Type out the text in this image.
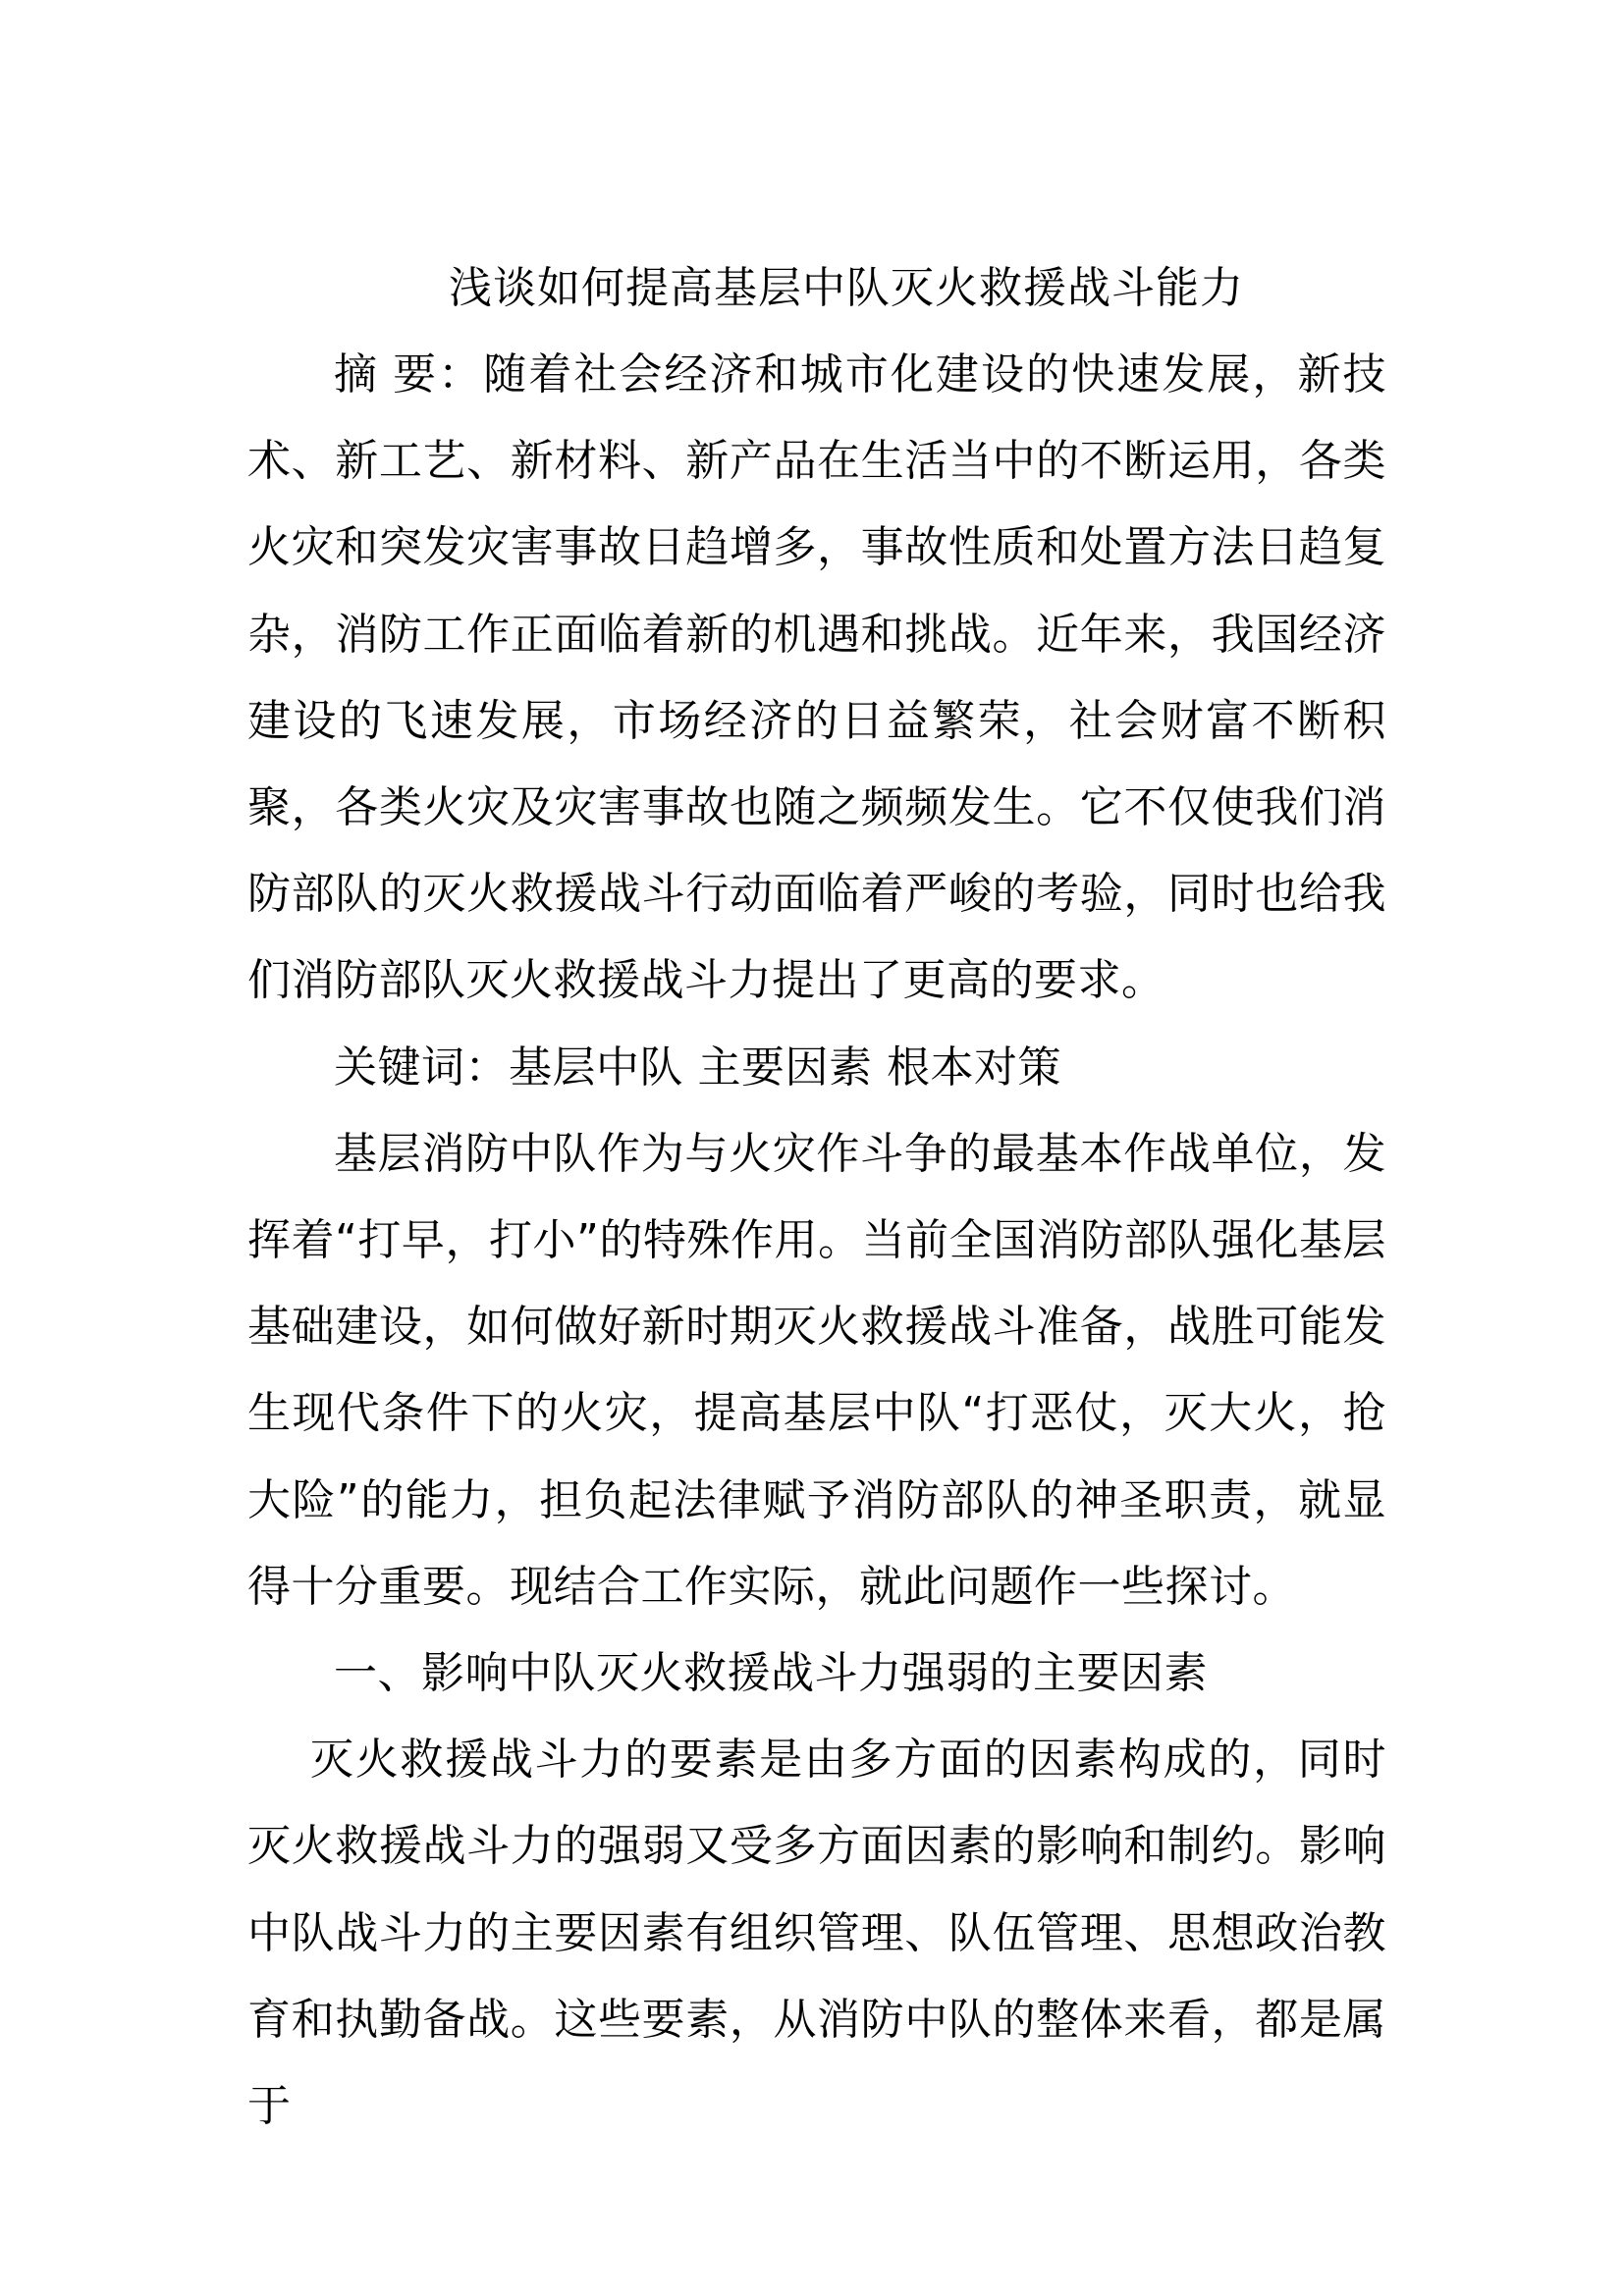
浅谈如何提高基层中队灭火救援战斗能力

摘 要：随着社会经济和城市化建设的快速发展，新技术、新工艺、新材料、新产品在生活当中的不断运用，各类火灾和突发灾害事故日趋增多，事故性质和处置方法日趋复杂，消防工作正面临着新的机遇和挑战。近年来，我国经济建设的飞速发展，市场经济的日益繁荣，社会财富不断积聚，各类火灾及灾害事故也随之频频发生。它不仅使我们消防部队的灭火救援战斗行动面临着严峻的考验，同时也给我们消防部队灭火救援战斗力提出了更高的要求。

关键词：基层中队 主要因素 根本对策

基层消防中队作为与火灾作斗争的最基本作战单位，发挥着“打早，打小”的特殊作用。当前全国消防部队强化基层基础建设，如何做好新时期灭火救援战斗准备，战胜可能发生现代条件下的火灾，提高基层中队“打恶仗，灭大火，抢大险”的能力，担负起法律赋予消防部队的神圣职责，就显得十分重要。现结合工作实际，就此问题作一些探讨。

一、影响中队灭火救援战斗力强弱的主要因素

灭火救援战斗力的要素是由多方面的因素构成的，同时灭火救援战斗力的强弱又受多方面因素的影响和制约。影响中队战斗力的主要因素有组织管理、队伍管理、思想政治教育和执勤备战。这些要素，从消防中队的整体来看，都是属于
